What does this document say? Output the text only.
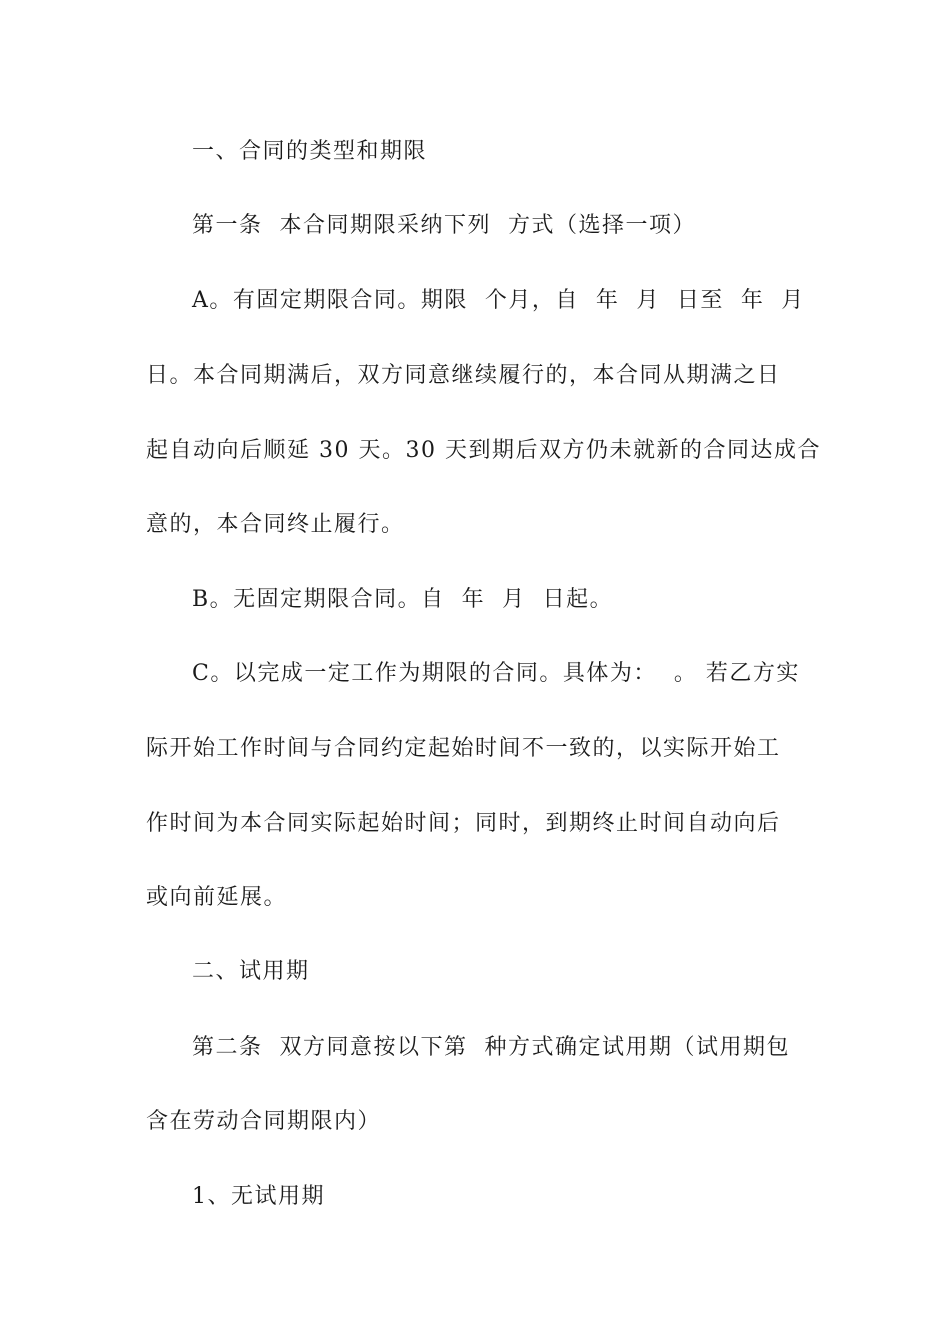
一、合同的类型和期限
第一条  本合同期限采纳下列  方式（选择一项）
A。有固定期限合同。期限  个月，自  年  月  日至  年  月
日。本合同期满后，双方同意继续履行的，本合同从期满之日
起自动向后顺延 30 天。30 天到期后双方仍未就新的合同达成合
意的，本合同终止履行。
B。无固定期限合同。自  年  月  日起。
C。以完成一定工作为期限的合同。具体为：  。 若乙方实
际开始工作时间与合同约定起始时间不一致的，以实际开始工
作时间为本合同实际起始时间；同时，到期终止时间自动向后
或向前延展。
二、试用期
第二条  双方同意按以下第  种方式确定试用期（试用期包
含在劳动合同期限内）
1、无试用期
